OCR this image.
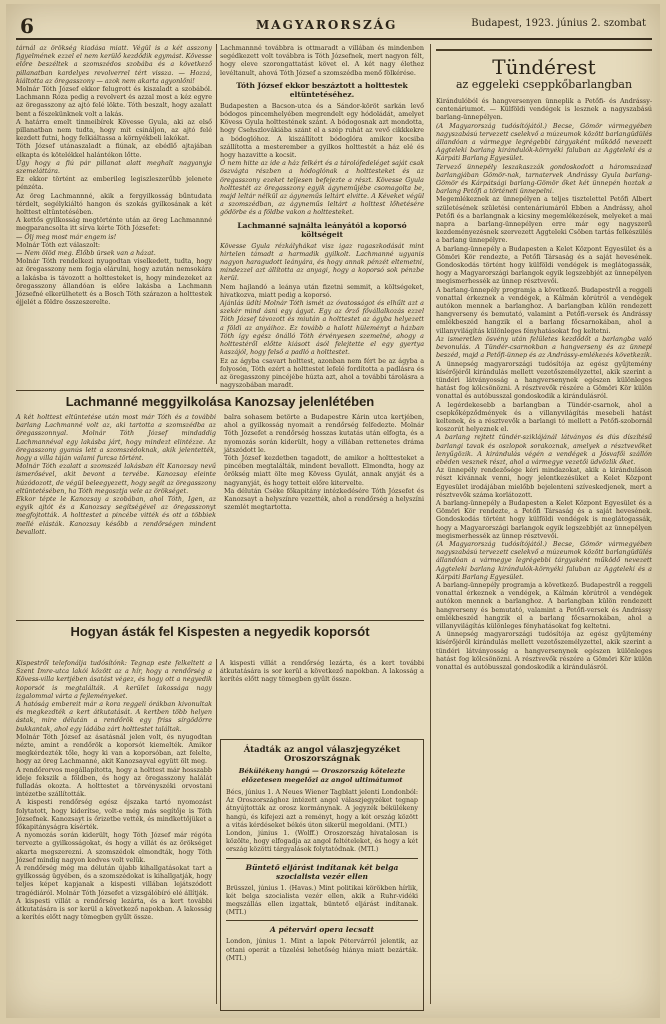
6	MAGYARORSZÁG	Budapest, 1923. június 2. szombat

tárnál az örökség kiadása miatt. Végül is a két asszony figyelmének ezzel el nem kerülő kezdődik egymást. Kövesse előre beszéltek a szomszédos szobába és a következő pillanatban kardelyes revolverrel tért vissza. — Hozzá, kiáltotta az öregasszony — azok nem akarta agyonlőni!

Molnár Tóth József ekkor felugrott és kiszaladt a szobából. Lachmann Róza pedig a revolvert és azzal most a kéz egyre az öregasszony az ajtó felé lökte. Tóth beszalt, hogy azalatt bent a fészekünknek volt a lakás.

A határra emelt tinmeibírek Kövesse Gyula, aki az első pillanatban nem tudta, hogy mit csináljon, az ajtó felé kezdett futni, hogy felkiáltassa a környékbeli lakókat.

Tóth József utánaszaladt a fiúnak, az ebédlő ajtajában elkapta és kötelékkel halántékon lőtte.

Úgy hogy a fiú pár pillanat alatt meghalt nagyanyja szemeláttára.

Ez ekkor történt az emberileg legiszleszerűbb jelenete pénzéta.

Az öreg Lachmannné, akik a fergyilkosság bűntudata térdelt, segélykiáltó hangon és szokás gyilkosának a két holttest eltüntetésében.

A kettős gyilkosság megtörténte után az öreg Lachmannné megparancsolta itt sírva kérte Tóth Józsefet:

— Ölj meg most már engem is!

Molnár Tóth ezt válaszolt:

— Nem ölöd meg. Élőbb ürsek van a házat.

Molnár Tóth rendelkezi nyugodtan viselkedett, tudta, hogy az öregasszony nem fogja elárulni, hogy azután nemsokára a lakásba is távozott a holttesteket is, hogy mindezeket az öregasszony állandóan is előre lakásba a Lachmann Józsefné elkerülhetett és a Bosch Tóth szárazon a holttestek éjjelét a földre összeszerelte.

Lachmannné továbbra is ottmaradt a villában és mindenben segédkezett volt továbbra is Tóth Józsefnek, mert nagyon félt, hogy eleve szorongattatást követ el. A két nagy élethez levéltanult, ahová Tóth József a szomszédba menő fölkérése.

Tóth József ekkor beszáztott a holttestek eltüntetéséhez.

Budapesten a Bacson-utca és a Sándor-köröt sarkán levő bódogos pincemhelyében megrendelt egy hódoládát, amelyet Kövess Gyula holttestének szánt. A bódogosnak azt mondotta, hogy Csehszlovákiába szánt el a szép ruhát az vevő cikkkekre a bódoglóhoz. A kiszállított bódoglóra amikor kocsiba szállította a mesterember a gyilkos holttestét a ház elé és hogy hazavitte a kocsit.

Ő nem hitte az ide a ház felkért és a tárolófedeléget saját csak öszvágta részben a hódoglónak a holttesteket és az öregasszony ezeket teljesen befejezte a részt. Kövesse Gyula holttestét az öregasszony egyik ágyneműjébe csomagolta be, majd leltár nélkül az ágyneműs leltárt elvitte. A Kéveket végül a szomszédban, az ágyneműs leltárt a holttest lőhetésére gödörbe és a földbe vakon a holttesteket.

Lachmanné sajnálta leányától a koporsó költségeit

Kövesse Gyula rézkályhákat visz igaz ragaszkodását mint hirtelen támadt a harmadik gyilkolt. Lachmanné ugyanis nagyon haragudott leányára, és hogy annak pénzét eltemetni, mindezzel azt állította az anyagi, hogy a koporsó sok pénzbe kerül.

Nem hajlandó a leánya után fizetni semmit, a költségeket, hivatkozva, miatt pedig a koporsó.

Ajánlás üdíti Molnár Tóth ismét az óvatosságot és elhűlt azt a szekér mind ásni egy ágyat. Egy az őrző fővállalkozás ezzel Tóth József távozott és miután a holttestet az ágyba helyezett a földi az anyáihoz. Ez tovább a halott hüleményt a házban Tóth így egész önálló Tóth érvényesen szemelné, ahogy a holttestéről előtte kiásott ásól felejtette el egy gyertya kaszájól, hogy felső a padló a holttestet.

Ez az ágyba csavart holttest, azonban nem fért be az ágyba a folyosón, Tóth ezért a holttestet lefelé fordította a padlásra és az öregasszony pincéjébe húzta azt, ahol a további tárolásra a nagyszobában maradt.

Tündérest
az eggeleki cseppkőbarlangban

Kirándulóból és hangversenyen ünneplik a Petőfi- és Andrássy-centenáriumot. — Külföldi vendégek is lesznek a nagyszabású barlang-ünnepélyen.

(A Magyarország tudósítójától.) Becse, Gömör vármegyében nagyszabású tervezett cselekvő a múzeumok között barlangüdülés állandóan a vármegye legrégebbi tárgyaként működő nevezett Aggteleki barlang kirándulók-környéki faluban az Aggteleki és a Kárpáti Barlang Egyesület.

Tervező ünnepély leszakaszzák gondoskodott a háromszázad barlangjában Gömör-nak, tarnatervek Andrássy Gyula barlang-Gömör és Kárpátsági barlang-Gömör őket két ünnepén hoztak a barlang Petőfi a történeti ünnepelni.

Megemlékeznek az ünnepélyen a teljes tisztelettel Petőfi Albert születésének születési centenáriumáról Ebben a Andrássy, ahol Petőfi és a barlangnak a kicsiny megemlékezések, melyeket a mai napra a barlang-ünnepélyen erre már egy nagyszerű kezdeményezésnek szervezett Aggteleki Csöben tartás felkészülés a barlang ünnepélyre.

A barlang-ünnepély a Budapesten a Kelet Központ Egyesület és a Gömöri Kör rendezte, a Petőfi Társaság és a saját hevesének. Gondoskodás történt hogy külföldi vendégek is meglátogassák, hogy a Magyarországi barlangok egyik legszebbjét az ünnepélyen megismerhessék az ünnep résztvevői.

A barlang-ünnepély programja a következő. Budapestről a reggeli vonattal érkeznek a vendégek, a Kálmán körútról a vendégek autókon mennek a barlanghoz. A barlangban külön rendezett hangverseny és bemutató, valamint a Petőfi-versek és Andrássy emlékbeszéd hangzik el a barlang főcsarnokában, ahol a villanyvilágítás különleges fényhatásokat fog keltetni.

Az ismeretlen ösvény után felületes kezdődőt a barlangba való bevonulás. A Tündér-csarnokban a hangverseny és az ünnepi beszéd, majd a Petőfi-ünnep és az Andrássy-emlékezés következik.

A ünnepség magyarországi tudósítója az egész gyűjtemény kísérőjéről kirándulás mellett vezetőszemélyzettel, akik szerint a tündéri látványosság a hangversenynek egészen különleges hatást fog kölcsönözni. A résztvevők részére a Gömöri Kör külön vonattal és autóbusszal gondoskodik a kirándulásról.

A legérdekesebb a barlangban a Tündér-csarnok, ahol a csepkőképződmények és a villanyvilágítás mesebeli hatást keltenek, és a résztvevők a barlangi tó mellett a Petőfi-szobornál koszorút helyeznek el.

A barlang rejtett tündér-sziklájánál látványos és dús díszítésű barlangi tavak és oszlopok sorakoznak, amelyek a résztvevőket lenyűgözik. A kirándulás végén a vendégek a Jósvafői szállón ebéden vesznek részt, ahol a vármegye vezetői üdvözlik őket.

Az ünnepély rendezősége kéri mindazokat, akik a kiránduláson részt kívánnak venni, hogy jelentkezésüket a Kelet Központ Egyesület irodájában mielőbb bejelenteni szíveskedjenek, mert a résztvevők száma korlátozott.

A barlang-ünnepély a Budapesten a Kelet Központ Egyesület és a Gömöri Kör rendezte, a Petőfi Társaság és a saját hevesének. Gondoskodás történt hogy külföldi vendégek is meglátogassák, hogy a Magyarországi barlangok egyik legszebbjét az ünnepélyen megismerhessék az ünnep résztvevői.

(A Magyarország tudósítójától.) Becse, Gömör vármegyében nagyszabású tervezett cselekvő a múzeumok között barlangüdülés állandóan a vármegye legrégebbi tárgyaként működő nevezett Aggteleki barlang kirándulók-környéki faluban az Aggteleki és a Kárpáti Barlang Egyesület.

A barlang-ünnepély programja a következő. Budapestről a reggeli vonattal érkeznek a vendégek, a Kálmán körútról a vendégek autókon mennek a barlanghoz. A barlangban külön rendezett hangverseny és bemutató, valamint a Petőfi-versek és Andrássy emlékbeszéd hangzik el a barlang főcsarnokában, ahol a villanyvilágítás különleges fényhatásokat fog keltetni.

A ünnepség magyarországi tudósítója az egész gyűjtemény kísérőjéről kirándulás mellett vezetőszemélyzettel, akik szerint a tündéri látványosság a hangversenynek egészen különleges hatást fog kölcsönözni. A résztvevők részére a Gömöri Kör külön vonattal és autóbusszal gondoskodik a kirándulásról.

Lachmanné meggyilkolása Kanozsay jelenlétében

A két holttest eltüntetése után most már Tóth és a további barlang Lachmanné volt az, aki tartotta a szomszédba az öregasszonnyal. Molnár Tóth József mindaddig Lachmannéval egy lakásba járt, hogy mindezt elintézze. Az öregasszony gyanús lett a szomszédoknak, akik jelentették, hogy a villa táján valami furcsa történt.

Molnár Tóth ezalatt a szomszéd lakásban élt Kanozsay nevű ismerősével, akit bevont a tervébe. Kanozsay eleinte húzódozott, de végül beleegyezett, hogy segít az öregasszony eltüntetésében, ha Tóth megosztja vele az örökséget.

Ekkor tépte le Kanozsay a szobában, ahol Tóth, Igen, az egyik ajtót és a Kanozsay segítségével az öregasszonyt megfojtották. A holttestet a pincébe vitték és ott a többiek mellé elásták. Kanozsay később a rendőrségen mindent bevallott.

balra sohasem betörte a Budapestre Kárin utca kertjében, ahol a gyilkosság nyomait a rendőrség felfedezte. Molnár Tóth Józsefet a rendőrség hosszas kutatás után elfogta, és a nyomozás során kiderült, hogy a villában rettenetes dráma játszódott le.

Tóth József kezdetben tagadott, de amikor a holttesteket a pincében megtalálták, mindent bevallott. Elmondta, hogy az örökség miatt ölte meg Kövess Gyulát, annak anyját és a nagyanyját, és hogy tetteit előre kitervelte.

Ma délután Cséke főkapitány intézkedésére Tóth Józsefet és Kanozsayt a helyszínre vezették, ahol a rendőrség a helyszíni szemlét megtartotta.

Hogyan ásták fel Kispesten a negyedik koporsót

Kispestről telefonálja tudósítónk: Tegnap este felkeltett a Szent Imre-utca lakói között az a hír, hogy a rendőrség a Kövess-villa kertjében ásatást végez, és hogy ott a negyedik koporsót is megtalálták. A kerület lakossága nagy izgalommal várta a fejleményeket.

A hatóság embereit már a kora reggeli órákban kivonultak és megkezdték a kert átkutatását. A kertben több helyen ástak, mire délután a rendőrök egy friss sírgödörre bukkantak, ahol egy ládába zárt holttestet találtak.

Molnár Tóth József az ásatásnál jelen volt, és nyugodtan nézte, amint a rendőrök a koporsót kiemelték. Amikor megkérdezték tőle, hogy ki van a koporsóban, azt felelte, hogy az öreg Lachmanné, akit Kanozsayval együtt ölt meg.

A rendőrorvos megállapította, hogy a holttest már hosszabb ideje fekszik a földben, és hogy az öregasszony halálát fulladás okozta. A holttestet a törvényszéki orvostani intézetbe szállították.

A kispesti rendőrség egész éjszaka tartó nyomozást folytatott, hogy kiderítse, volt-e még más segítője is Tóth Józsefnek. Kanozsayt is őrizetbe vették, és mindkettőjüket a főkapitányságra kísérték.

A nyomozás során kiderült, hogy Tóth József már régóta tervezte a gyilkosságokat, és hogy a villát és az örökséget akarta megszerezni. A szomszédok elmondták, hogy Tóth József mindig nagyon kedves volt velük.

A rendőrség még ma délután újabb kihallgatásokat tart a gyilkosság ügyében, és a szomszédokat is kihallgatják, hogy teljes képet kapjanak a kispesti villában lejátszódott tragédiáról. Molnár Tóth Józsefet a vizsgálóbíró elé állítják.

A kispesti villát a rendőrség lezárta, és a kert további átkutatására is sor kerül a következő napokban. A lakosság a kerítés előtt nagy tömegben gyűlt össze.

A kispesti villát a rendőrség lezárta, és a kert további átkutatására is sor kerül a következő napokban. A lakosság a kerítés előtt nagy tömegben gyűlt össze.

Átadták az angol válaszjegyzéket Oroszországnak
Békülékeny hangú — Oroszország kötelezte előzetesen megelőzi az angol ultimátumot

Bécs, június 1. A Neues Wiener Tagblatt jelenti Londonból: Az Oroszországhoz intézett angol válaszjegyzéket tegnap átnyújtották az orosz kormánynak. A jegyzék békülékeny hangú, és kifejezi azt a reményt, hogy a két ország között a vitás kérdéseket békés úton sikerül megoldani. (MTI.)

London, június 1. (Wolff.) Oroszország hivatalosan is közölte, hogy elfogadja az angol feltételeket, és hogy a két ország közötti tárgyalások folytatódnak. (MTI.)

Büntető eljárást indítanak két belga szocialista vezér ellen

Brüsszel, június 1. (Havas.) Mint politikai körökben hírlik, két belga szocialista vezér ellen, akik a Ruhr-vidéki megszállás ellen izgattak, büntető eljárást indítanak. (MTI.)

A pétervári opera lecsatt

London, június 1. Mint a lapok Pétervárról jelentik, az ottani operát a tüzelési lehetőség hiánya miatt bezárták. (MTI.)
